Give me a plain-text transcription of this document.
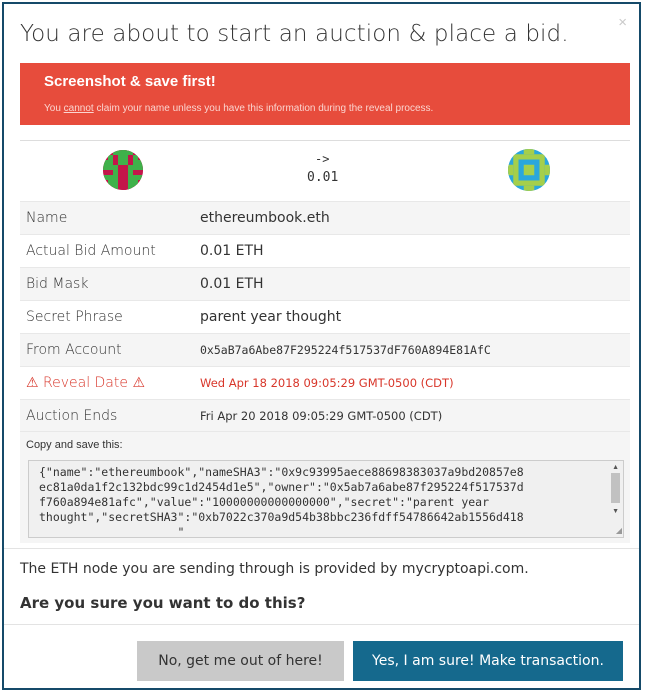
You are about to start an auction & place a bid.	×
Screenshot & save first!
You cannot claim your name unless you have this information during the reveal process.
->
0.01
Name	ethereumbook.eth
Actual Bid Amount	0.01 ETH
Bid Mask	0.01 ETH
Secret Phrase	parent year thought
From Account	0x5aB7a6Abe87F295224f517537dF760A894E81AfC
⚠ Reveal Date ⚠	Wed Apr 18 2018 09:05:29 GMT-0500 (CDT)
Auction Ends	Fri Apr 20 2018 09:05:29 GMT-0500 (CDT)
Copy and save this:
{"name":"ethereumbook","nameSHA3":"0x9c93995aece88698383037a9bd20857e8
ec81a0da1f2c132bdc99c1d2454d1e5","owner":"0x5ab7a6abe87f295224f517537d
f760a894e81afc","value":"10000000000000000","secret":"parent year
thought","secretSHA3":"0xb7022c370a9d54b38bbc236fdff54786642ab1556d418
"
▲
▼
◢
The ETH node you are sending through is provided by mycryptoapi.com.
Are you sure you want to do this?
No, get me out of here!	Yes, I am sure! Make transaction.
